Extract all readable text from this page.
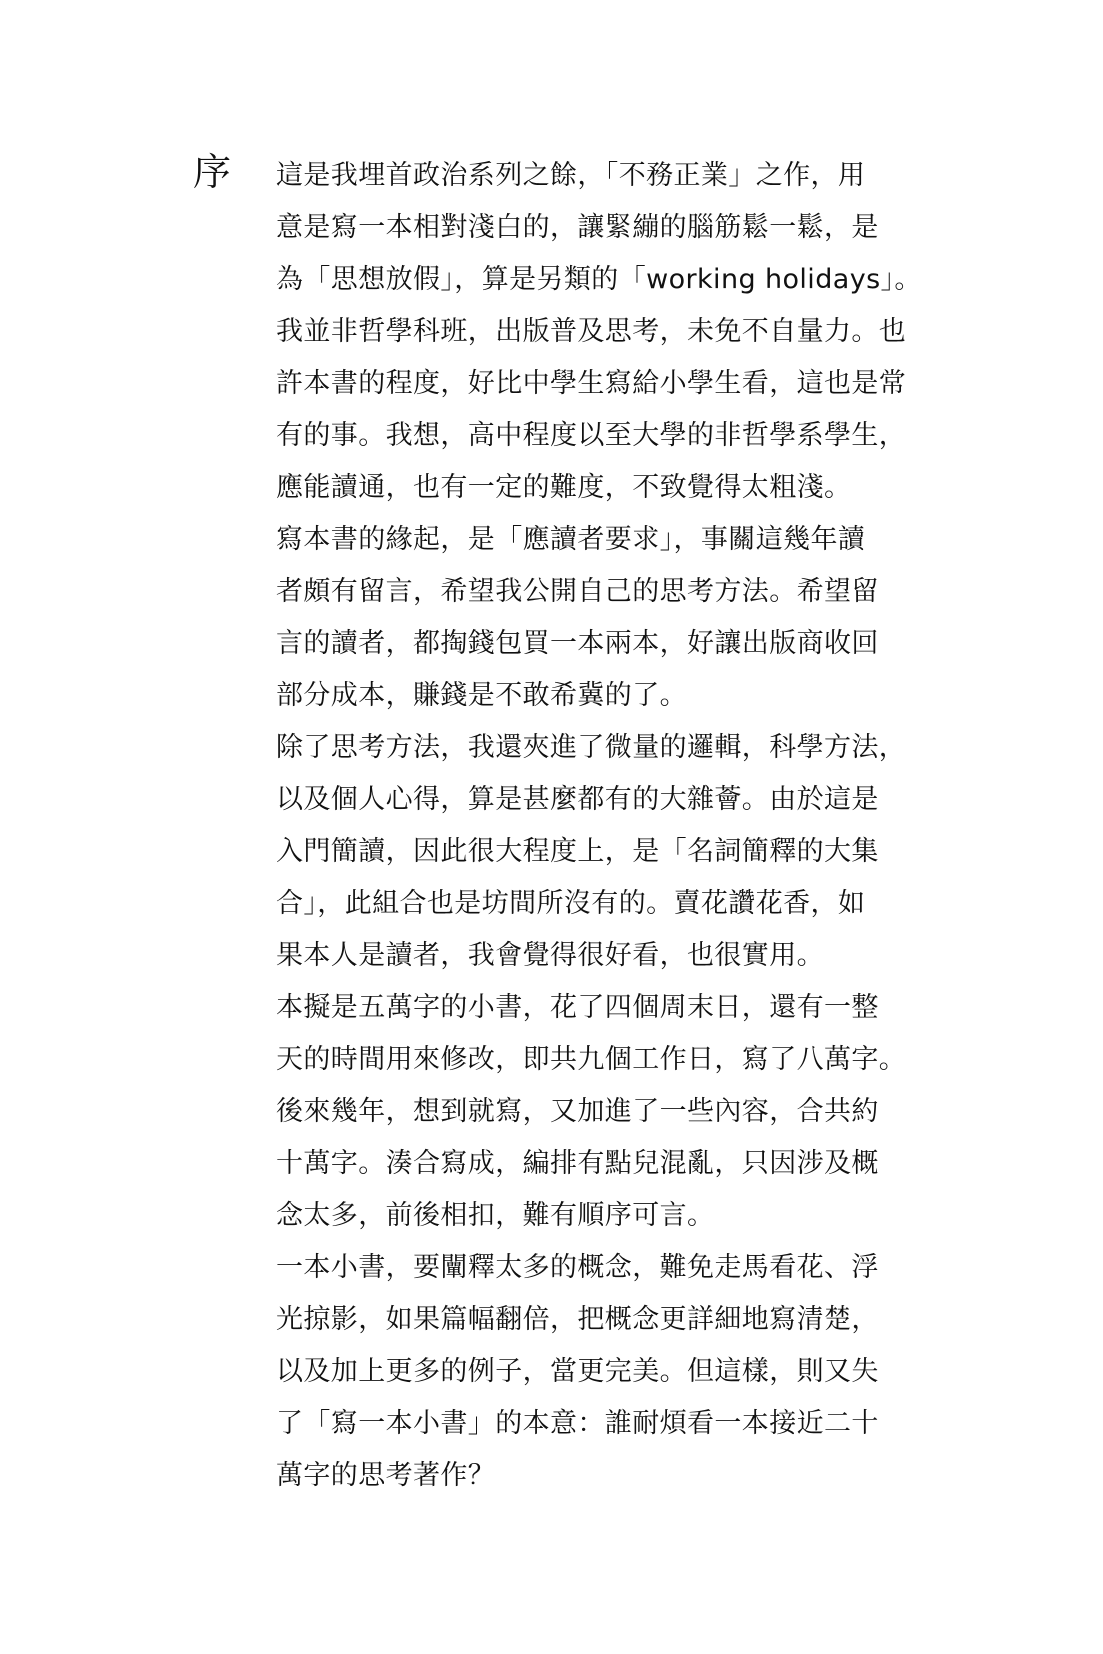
序 這是我埋首政治系列之餘，「不務正業」之作，用
意是寫一本相對淺白的，讓緊繃的腦筋鬆一鬆，是
為「思想放假」，算是另類的「working holidays」。
我並非哲學科班，出版普及思考，未免不自量力。也
許本書的程度，好比中學生寫給小學生看，這也是常
有的事。我想，高中程度以至大學的非哲學系學生，
應能讀通，也有一定的難度，不致覺得太粗淺。
寫本書的緣起，是「應讀者要求」，事關這幾年讀
者頗有留言，希望我公開自己的思考方法。希望留
言的讀者，都掏錢包買一本兩本，好讓出版商收回
部分成本，賺錢是不敢希冀的了。
除了思考方法，我還夾進了微量的邏輯，科學方法，
以及個人心得，算是甚麼都有的大雜薈。由於這是
入門簡讀，因此很大程度上，是「名詞簡釋的大集
合」，此組合也是坊間所沒有的。賣花讚花香，如
果本人是讀者，我會覺得很好看，也很實用。
本擬是五萬字的小書，花了四個周末日，還有一整
天的時間用來修改，即共九個工作日，寫了八萬字。
後來幾年，想到就寫，又加進了一些內容，合共約
十萬字。湊合寫成，編排有點兒混亂，只因涉及概
念太多，前後相扣，難有順序可言。
一本小書，要闡釋太多的概念，難免走馬看花、浮
光掠影，如果篇幅翻倍，把概念更詳細地寫清楚，
以及加上更多的例子，當更完美。但這樣，則又失
了「寫一本小書」的本意：誰耐煩看一本接近二十
萬字的思考著作？
